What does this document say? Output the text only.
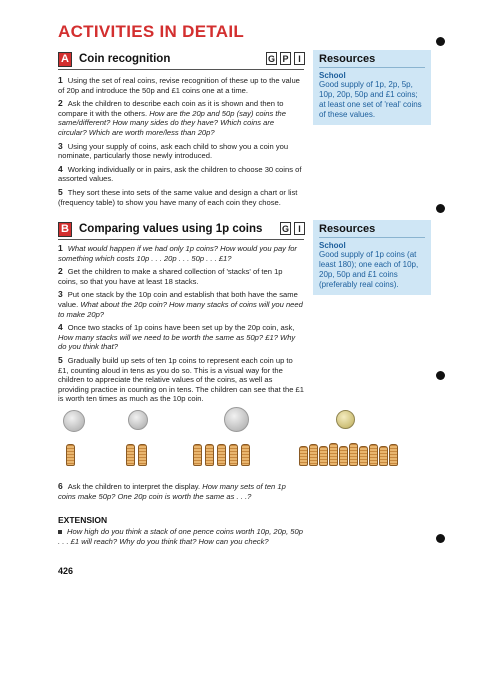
ACTIVITIES IN DETAIL
A Coin recognition	G P	I

1 Using the set of real coins, revise recognition of these up to the value of 20p and introduce the 50p and £1 coins one at a time.

2 Ask the children to describe each coin as it is shown and then to compare it with the others. How are the 20p and 50p (say) coins the same/different? How many sides do they have? Which coins are circular? Which are worth more/less than 20p?

3 Using your supply of coins, ask each child to show you a coin you nominate, particularly those newly introduced.

4 Working individually or in pairs, ask the children to choose 30 coins of assorted values.

5 They sort these into sets of the same value and design a chart or list (frequency table) to show you have many of each coin they chose.

Resources
School
Good supply of 1p, 2p, 5p, 10p, 20p, 50p and £1 coins; at least one set of 'real' coins of these values.
B Comparing values using 1p coins G	I

1 What would happen if we had only 1p coins? How would you pay for something which costs 10p . . . 20p . . . 50p . . . £1?

2 Get the children to make a shared collection of 'stacks' of ten 1p coins, so that you have at least 18 stacks.

3 Put one stack by the 10p coin and establish that both have the same value. What about the 20p coin? How many stacks of coins will you need to make 20p?

4 Once two stacks of 1p coins have been set up by the 20p coin, ask, How many stacks will we need to be worth the same as 50p? £1? Why do you think that?

5 Gradually build up sets of ten 1p coins to represent each coin up to £1, counting aloud in tens as you do so. This is a visual way for the children to appreciate the relative values of the coins, as well as providing practice in counting on in tens. The children can see that the £1 is worth ten times as much as the 10p coin.

Resources
School
Good supply of 1p coins (at least 180); one each of 10p, 20p, 50p and £1 coins (preferably real coins).

6 Ask the children to interpret the display. How many sets of ten 1p coins make 50p? One 20p coin is worth the same as . . .?

EXTENSION

How high do you think a stack of one pence coins worth 10p, 20p, 50p . . . £1 will reach? Why do you think that? How can you check?

426
